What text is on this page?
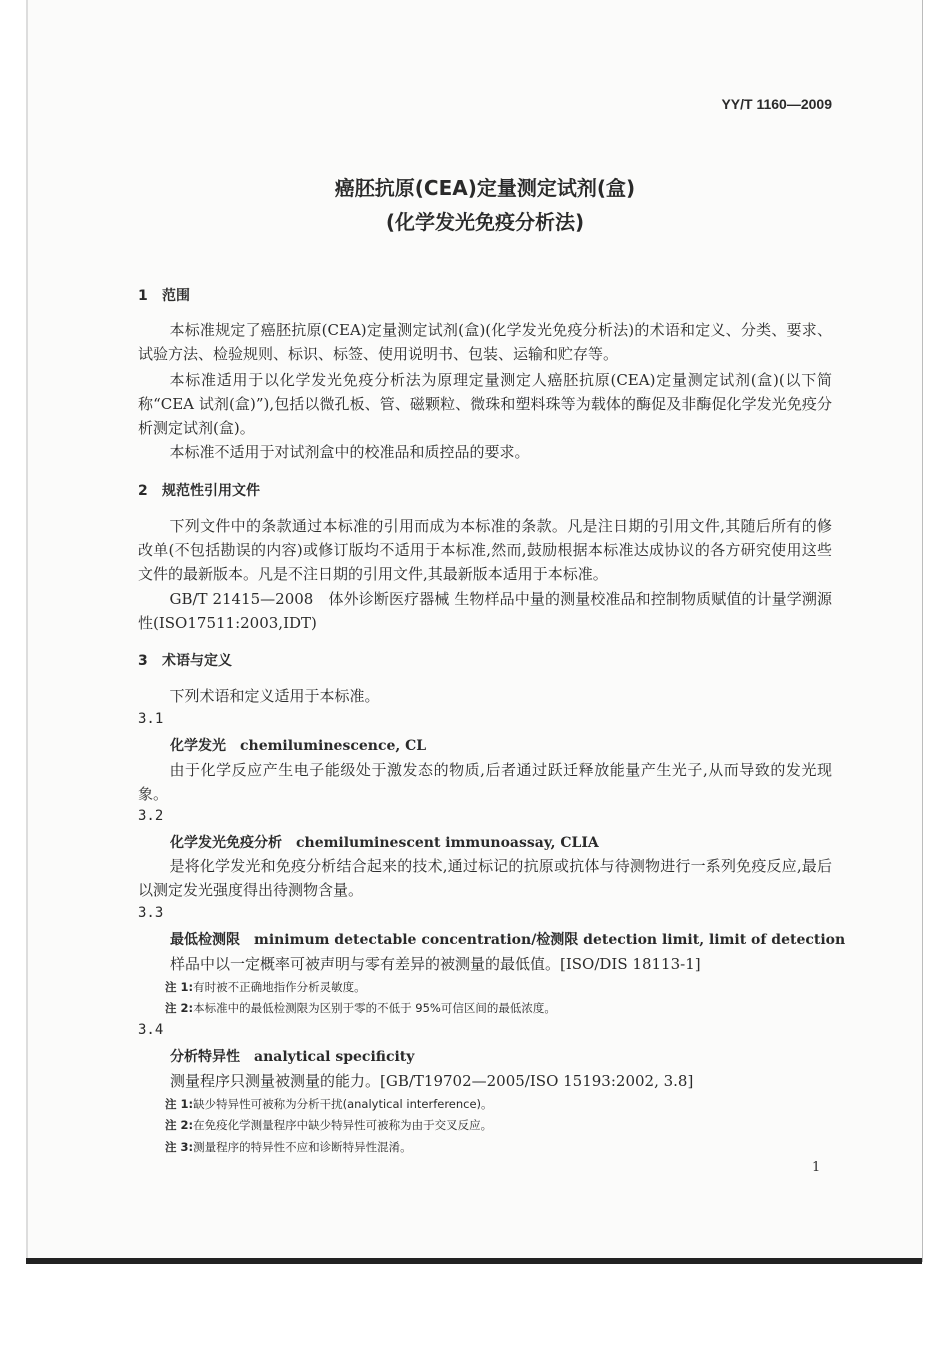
YY/T 1160—2009
癌胚抗原(CEA)定量测定试剂(盒)
(化学发光免疫分析法)
1 范围
本标准规定了癌胚抗原(CEA)定量测定试剂(盒)(化学发光免疫分析法)的术语和定义、分类、要求、试验方法、检验规则、标识、标签、使用说明书、包装、运输和贮存等。
本标准适用于以化学发光免疫分析法为原理定量测定人癌胚抗原(CEA)定量测定试剂(盒)(以下简称“CEA 试剂(盒)”),包括以微孔板、管、磁颗粒、微珠和塑料珠等为载体的酶促及非酶促化学发光免疫分析测定试剂(盒)。
本标准不适用于对试剂盒中的校准品和质控品的要求。
2 规范性引用文件
下列文件中的条款通过本标准的引用而成为本标准的条款。凡是注日期的引用文件,其随后所有的修改单(不包括勘误的内容)或修订版均不适用于本标准,然而,鼓励根据本标准达成协议的各方研究使用这些文件的最新版本。凡是不注日期的引用文件,其最新版本适用于本标准。
GB/T 21415—2008　体外诊断医疗器械 生物样品中量的测量校准品和控制物质赋值的计量学溯源性(ISO17511:2003,IDT)
3 术语与定义
下列术语和定义适用于本标准。
3.1
化学发光 chemiluminescence, CL
由于化学反应产生电子能级处于激发态的物质,后者通过跃迁释放能量产生光子,从而导致的发光现象。
3.2
化学发光免疫分析 chemiluminescent immunoassay, CLIA
是将化学发光和免疫分析结合起来的技术,通过标记的抗原或抗体与待测物进行一系列免疫反应,最后以测定发光强度得出待测物含量。
3.3
最低检测限 minimum detectable concentration/检测限 detection limit, limit of detection
样品中以一定概率可被声明与零有差异的被测量的最低值。[ISO/DIS 18113-1]
注 1:有时被不正确地指作分析灵敏度。
注 2:本标准中的最低检测限为区别于零的不低于 95%可信区间的最低浓度。
3.4
分析特异性 analytical specificity
测量程序只测量被测量的能力。[GB/T19702—2005/ISO 15193:2002, 3.8]
注 1:缺少特异性可被称为分析干扰(analytical interference)。
注 2:在免疫化学测量程序中缺少特异性可被称为由于交叉反应。
注 3:测量程序的特异性不应和诊断特异性混淆。
1
